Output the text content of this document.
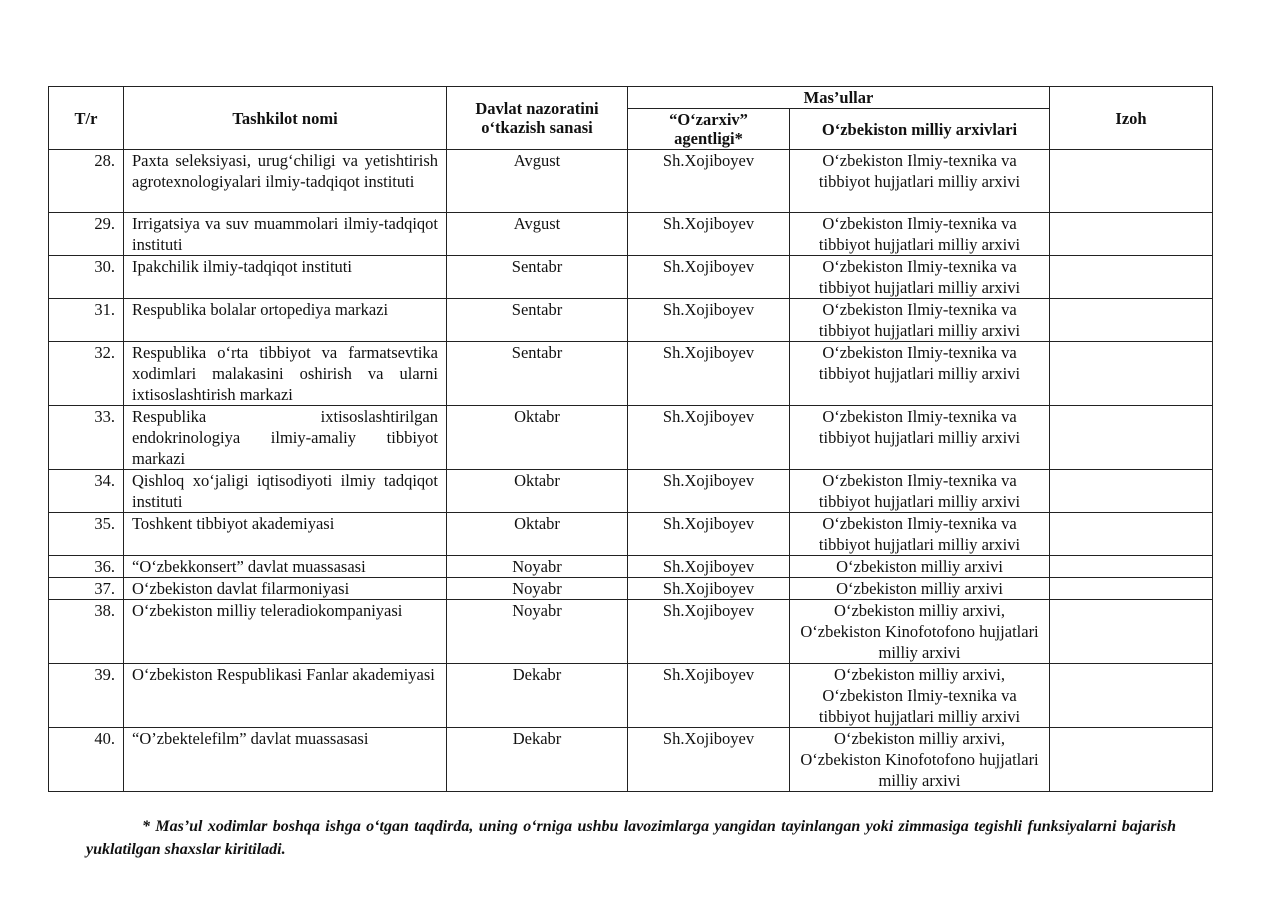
T/r	Tashkilot nomi	Davlat nazoratini o‘tkazish sanasi	Mas’ullar		Izoh
			“O‘zarxiv” agentligi*	O‘zbekiston milliy arxivlari	
28.	Paxta seleksiyasi, urug‘chiligi va yetishtirish agrotexnologiyalari ilmiy-tadqiqot instituti	Avgust	Sh.Xojiboyev	O‘zbekiston Ilmiy-texnika va tibbiyot hujjatlari milliy arxivi	
29.	Irrigatsiya va suv muammolari ilmiy-tadqiqot instituti	Avgust	Sh.Xojiboyev	O‘zbekiston Ilmiy-texnika va tibbiyot hujjatlari milliy arxivi	
30.	Ipakchilik ilmiy-tadqiqot instituti	Sentabr	Sh.Xojiboyev	O‘zbekiston Ilmiy-texnika va tibbiyot hujjatlari milliy arxivi	
31.	Respublika bolalar ortopediya markazi	Sentabr	Sh.Xojiboyev	O‘zbekiston Ilmiy-texnika va tibbiyot hujjatlari milliy arxivi	
32.	Respublika o‘rta tibbiyot va farmatsevtika xodimlari malakasini oshirish va ularni ixtisoslashtirish markazi	Sentabr	Sh.Xojiboyev	O‘zbekiston Ilmiy-texnika va tibbiyot hujjatlari milliy arxivi	
33.	Respublika ixtisoslashtirilgan endokrinologiya ilmiy-amaliy tibbiyot markazi	Oktabr	Sh.Xojiboyev	O‘zbekiston Ilmiy-texnika va tibbiyot hujjatlari milliy arxivi	
34.	Qishloq xo‘jaligi iqtisodiyoti ilmiy tadqiqot instituti	Oktabr	Sh.Xojiboyev	O‘zbekiston Ilmiy-texnika va tibbiyot hujjatlari milliy arxivi	
35.	Toshkent tibbiyot akademiyasi	Oktabr	Sh.Xojiboyev	O‘zbekiston Ilmiy-texnika va tibbiyot hujjatlari milliy arxivi	
36.	“O‘zbekkonsert” davlat muassasasi	Noyabr	Sh.Xojiboyev	O‘zbekiston milliy arxivi	
37.	O‘zbekiston davlat filarmoniyasi	Noyabr	Sh.Xojiboyev	O‘zbekiston milliy arxivi	
38.	O‘zbekiston milliy teleradiokompaniyasi	Noyabr	Sh.Xojiboyev	O‘zbekiston milliy arxivi, O‘zbekiston Kinofotofono hujjatlari milliy arxivi	
39.	O‘zbekiston Respublikasi Fanlar akademiyasi	Dekabr	Sh.Xojiboyev	O‘zbekiston milliy arxivi, O‘zbekiston Ilmiy-texnika va tibbiyot hujjatlari milliy arxivi	
40.	“O’zbektelefilm” davlat muassasasi	Dekabr	Sh.Xojiboyev	O‘zbekiston milliy arxivi, O‘zbekiston Kinofotofono hujjatlari milliy arxivi	
* Mas’ul xodimlar boshqa ishga o‘tgan taqdirda, uning o‘rniga ushbu lavozimlarga yangidan tayinlangan yoki zimmasiga tegishli funksiyalarni bajarish yuklatilgan shaxslar kiritiladi.
